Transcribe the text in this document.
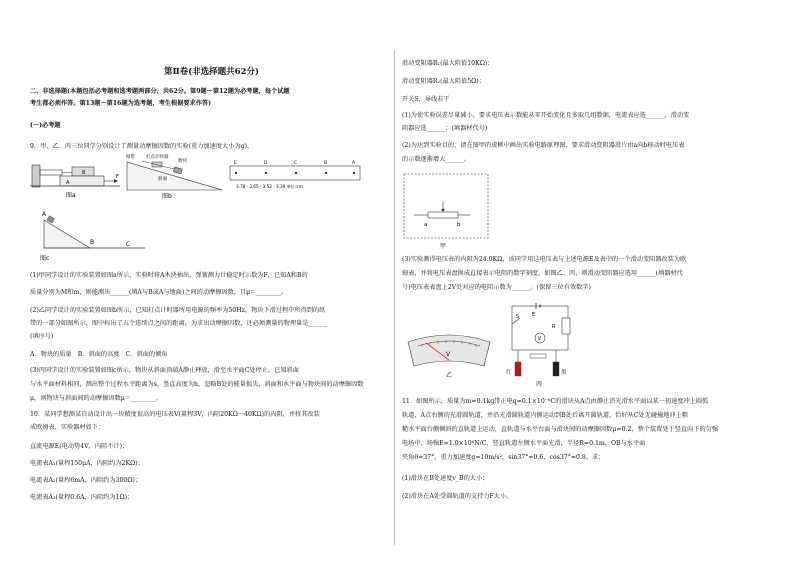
第Ⅱ卷(非选择题共62分)
二、非选择题(本题包括必考题和选考题两部分，共62分。第9题～第12题为必考题，每个试题
考生都必须作答。第13题～第16题为选考题，考生根据要求作答)
(一)必考题
9．甲、乙、丙三位同学分别设计了测量动摩擦因数的实验(重力加速度大小为g)。
B
A
F
图a
纸带 打点计时器
物块
斜面
图b
E	D	C	B	A
3.78 · 3.65 · 3.52 · 3.39 单位:cm
A
B	C
图c
(1)甲同学设计的实验装置如图a所示，实验时将A木块抽出，弹簧测力计稳定时示数为F，已知A和B的
质量分别为M和m，则能测出______(填A与B或A与地面)之间的动摩擦因数，且μ＝________。
(2)乙同学设计的实验装置如图b所示，已知打点计时器所用电源的频率为50Hz，物块下滑过程中所得到的纸
带的一部分如图所示，图中标出了五个连续点之间的距离，为求出动摩擦因数，还必须测量的物理量是______
(填序号)
A．物块的质量　B．斜面的高度　C．斜面的倾角
(3)丙同学设计的实验装置如图c所示，物块从斜面顶端A静止释放，滑至水平面C处停止，已知斜面
与水平面材料相同，测出整个过程水平距离为s，竖直高度为h，忽略B处的能量损失，斜面和水平面与物块间的动摩擦因数
μ，则物块与斜面间的动摩擦因数μ＝________。
10．某同学想测某自动设计出一块精度很高的电压表V(量程3V，内阻20KΩ～40KΩ)的内阻，并将其改装
成欧姆表，实验器材如下：
直流电源E(电动势4V，内阻不计)；
电流表A₁(量程150μA，内阻约为2KΩ)；
电流表A₂(量程6mA，内阻约为300Ω)；
电流表A₃(量程0.6A，内阻约为1Ω)；
滑动变阻器R₁(最大阻值10KΩ)；
滑动变阻器R₂(最大阻值5Ω)；
开关S，导线若干
(1)为使实验误差尽量减小，要求电压表示数能从零开始变化且多取几组数据，电流表应选______，滑动变
阻器应选______；(填器材代号)
(2)为达到实验目的，请在图甲的虚框中画出实验电路原理图，要求滑动变阻器滑片由a向b移动时电压表
的示数逐渐增大______。
a	b
甲
(3)实验测得电压表的内阻为24.0KΩ，该同学用这电压表与上述电源E及表中的一个滑动变阻器改装为欧
姆表，并将电压表盘换成直接表示电阻的数字刻度，如图乙、丙，则滑动变阻器应选用______(填器材代
号)电压表表盘上2V处对应的电阻示数为______。(保留三位有效数字)
V
乙
S	E
R
V
红	黑
丙
11．如图所示，质量为m=0.1kg带正电q=0.1×10⁻⁶C的滑块从A点由静止沿光滑水平面以某一初速度冲上圆弧
轨道，A点右侧的光滑圆轨道，并沿光滑圆轨道内侧运动到B处后离开圆轨道，恰好从C处无碰撞地冲上粗
糙水平面台侧倾斜的直轨道上运动，直轨道与水平台面与滑块间的动摩擦因数μ=0.2，整个装置处于竖直向下的匀强
电场中，场强E=1.0×10⁶N/C，竖直轨道左侧水平面光滑，半径R=0.1m，OB与水平面
夹角θ=37°，重力加速度g=10m/s²，sin37°=0.6，cos37°=0.8，求：
(1)滑块在B处速度v_B的大小；
(2)滑块在A处受圆轨道的支持力F大小。
